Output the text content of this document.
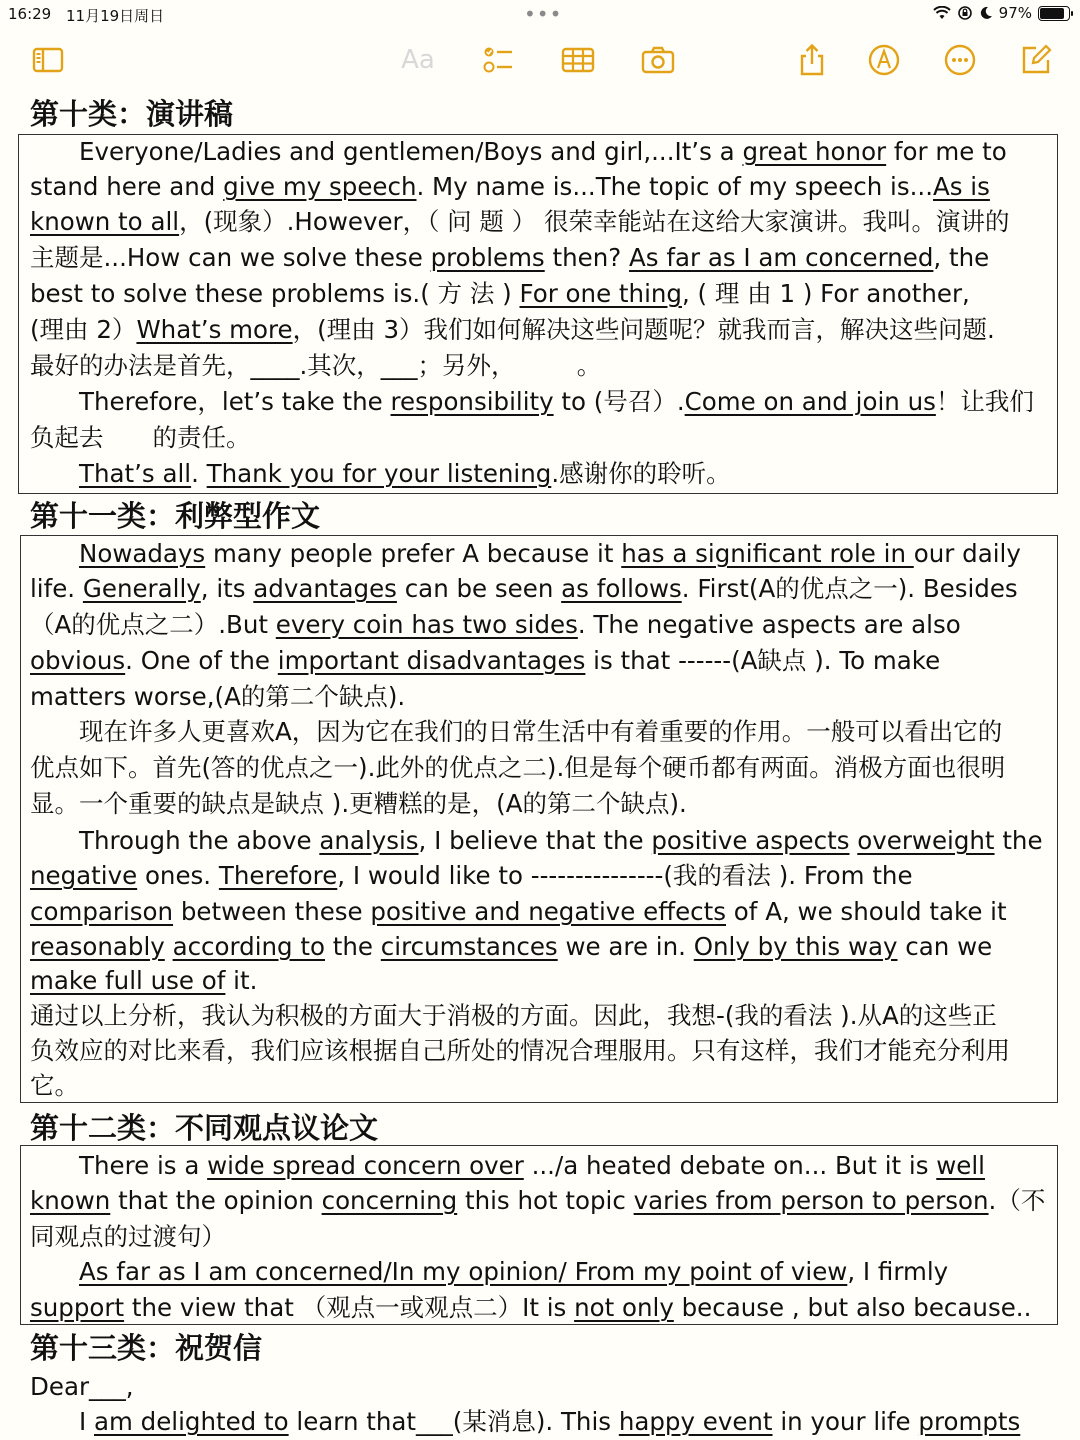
16:29 11月19日周日	•••	97%
Aa
第十类：演讲稿
第十一类：利弊型作文
第十二类：不同观点议论文
第十三类：祝贺信
　　Everyone/Ladies and gentlemen/Boys and girl,...It’s a great honor for me to
stand here and give my speech. My name is...The topic of my speech is...As is
known to all，(现象）.However，（ 问 题 ） 很荣幸能站在这给大家演讲。我叫。演讲的
主题是...How can we solve these problems then? As far as I am concerned, the
best to solve these problems is.( 方 法 ) For one thing, ( 理 由 1 ) For another,
(理由 2）What’s more，(理由 3）我们如何解决这些问题呢？就我而言，解决这些问题.
最好的办法是首先，____.其次，___；另外，　　　。
　　Therefore，let’s take the responsibility to (号召）.Come on and join us！让我们
负起去　　的责任。
　　That’s all. Thank you for your listening.感谢你的聆听。
　　Nowadays many people prefer A because it has a significant role in our daily
life. Generally, its advantages can be seen as follows. First(A的优点之一). Besides
（A的优点之二）.But every coin has two sides. The negative aspects are also
obvious. One of the important disadvantages is that ------(A缺点 ). To make
matters worse,(A的第二个缺点).
　　现在许多人更喜欢A，因为它在我们的日常生活中有着重要的作用。一般可以看出它的
优点如下。首先(答的优点之一).此外的优点之二).但是每个硬币都有两面。消极方面也很明
显。一个重要的缺点是缺点 ).更糟糕的是，(A的第二个缺点).
　　Through the above analysis, I believe that the positive aspects overweight the
negative ones. Therefore, I would like to ---------------(我的看法 ). From the
comparison between these positive and negative effects of A, we should take it
reasonably according to the circumstances we are in. Only by this way can we
make full use of it.
通过以上分析，我认为积极的方面大于消极的方面。因此，我想-(我的看法 ).从A的这些正
负效应的对比来看，我们应该根据自己所处的情况合理服用。只有这样，我们才能充分利用
它。
　　There is a wide spread concern over .../a heated debate on... But it is well
known that the opinion concerning this hot topic varies from person to person.（不
同观点的过渡句）
　　As far as I am concerned/In my opinion/ From my point of view, I firmly
support the view that （观点一或观点二）It is not only because , but also because..
Dear___,
　　I am delighted to learn that___(某消息). This happy event in your life prompts
